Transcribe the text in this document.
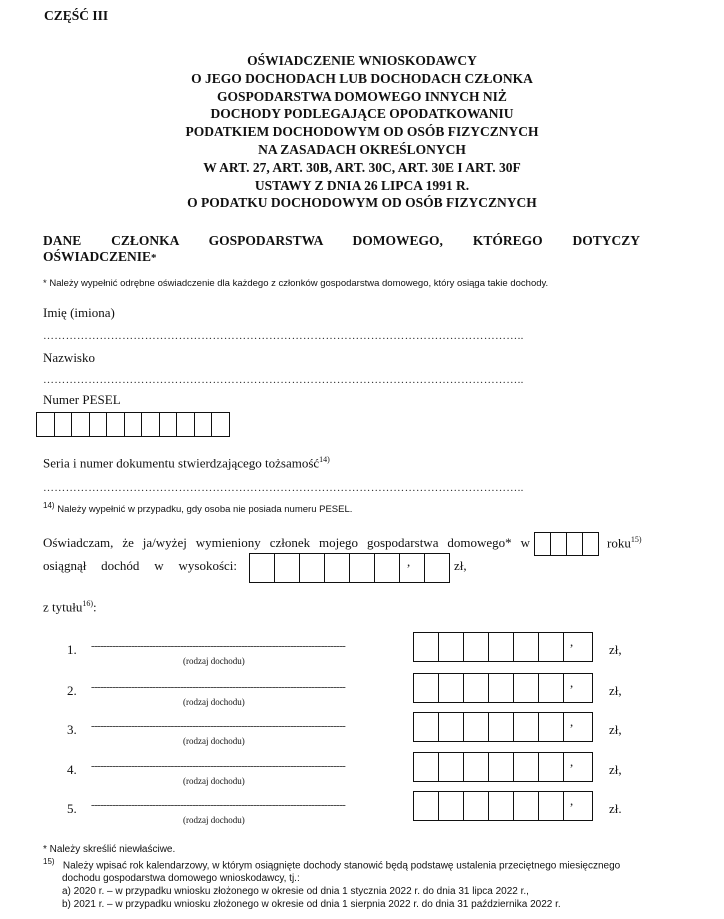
CZĘŚĆ III
OŚWIADCZENIE WNIOSKODAWCY
O JEGO DOCHODACH LUB DOCHODACH CZŁONKA
GOSPODARSTWA DOMOWEGO INNYCH NIŻ
DOCHODY PODLEGAJĄCE OPODATKOWANIU
PODATKIEM DOCHODOWYM OD OSÓB FIZYCZNYCH
NA ZASADACH OKREŚLONYCH
W ART. 27, ART. 30B, ART. 30C, ART. 30E I ART. 30F
USTAWY Z DNIA 26 LIPCA 1991 R.
O PODATKU DOCHODOWYM OD OSÓB FIZYCZNYCH
DANE CZŁONKA GOSPODARSTWA DOMOWEGO, KTÓREGO DOTYCZY
OŚWIADCZENIE*
* Należy wypełnić odrębne oświadczenie dla każdego z członków gospodarstwa domowego, który osiąga takie dochody.
Imię (imiona)
………………………………………………………………………………………………………………..
Nazwisko
………………………………………………………………………………………………………………..
Numer PESEL
Seria i numer dokumentu stwierdzającego tożsamość$^{14)}$
………………………………………………………………………………………………………………..
$^{14)}$ Należy wypełnić w przypadku, gdy osoba nie posiada numeru PESEL.
Oświadczam, że ja/wyżej wymieniony członek mojego gospodarstwa domowego* w	roku$^{15)}$
osiągnął dochód w wysokości:	,	zł,
z tytułu$^{16)}$:
1. -----------------------------------------------------------------------------------
(rodzaj dochodu)
,
zł,
2. -----------------------------------------------------------------------------------
(rodzaj dochodu)
,
zł,
3. -----------------------------------------------------------------------------------
(rodzaj dochodu)
,
zł,
4. -----------------------------------------------------------------------------------
(rodzaj dochodu)
,
zł,
5. -----------------------------------------------------------------------------------
(rodzaj dochodu)
,
zł.
* Należy skreślić niewłaściwe.
$^{15)}$ Należy wpisać rok kalendarzowy, w którym osiągnięte dochody stanowić będą podstawę ustalenia przeciętnego miesięcznego
dochodu gospodarstwa domowego wnioskodawcy, tj.:
a) 2020 r. – w przypadku wniosku złożonego w okresie od dnia 1 stycznia 2022 r. do dnia 31 lipca 2022 r.,
b) 2021 r. – w przypadku wniosku złożonego w okresie od dnia 1 sierpnia 2022 r. do dnia 31 października 2022 r.
